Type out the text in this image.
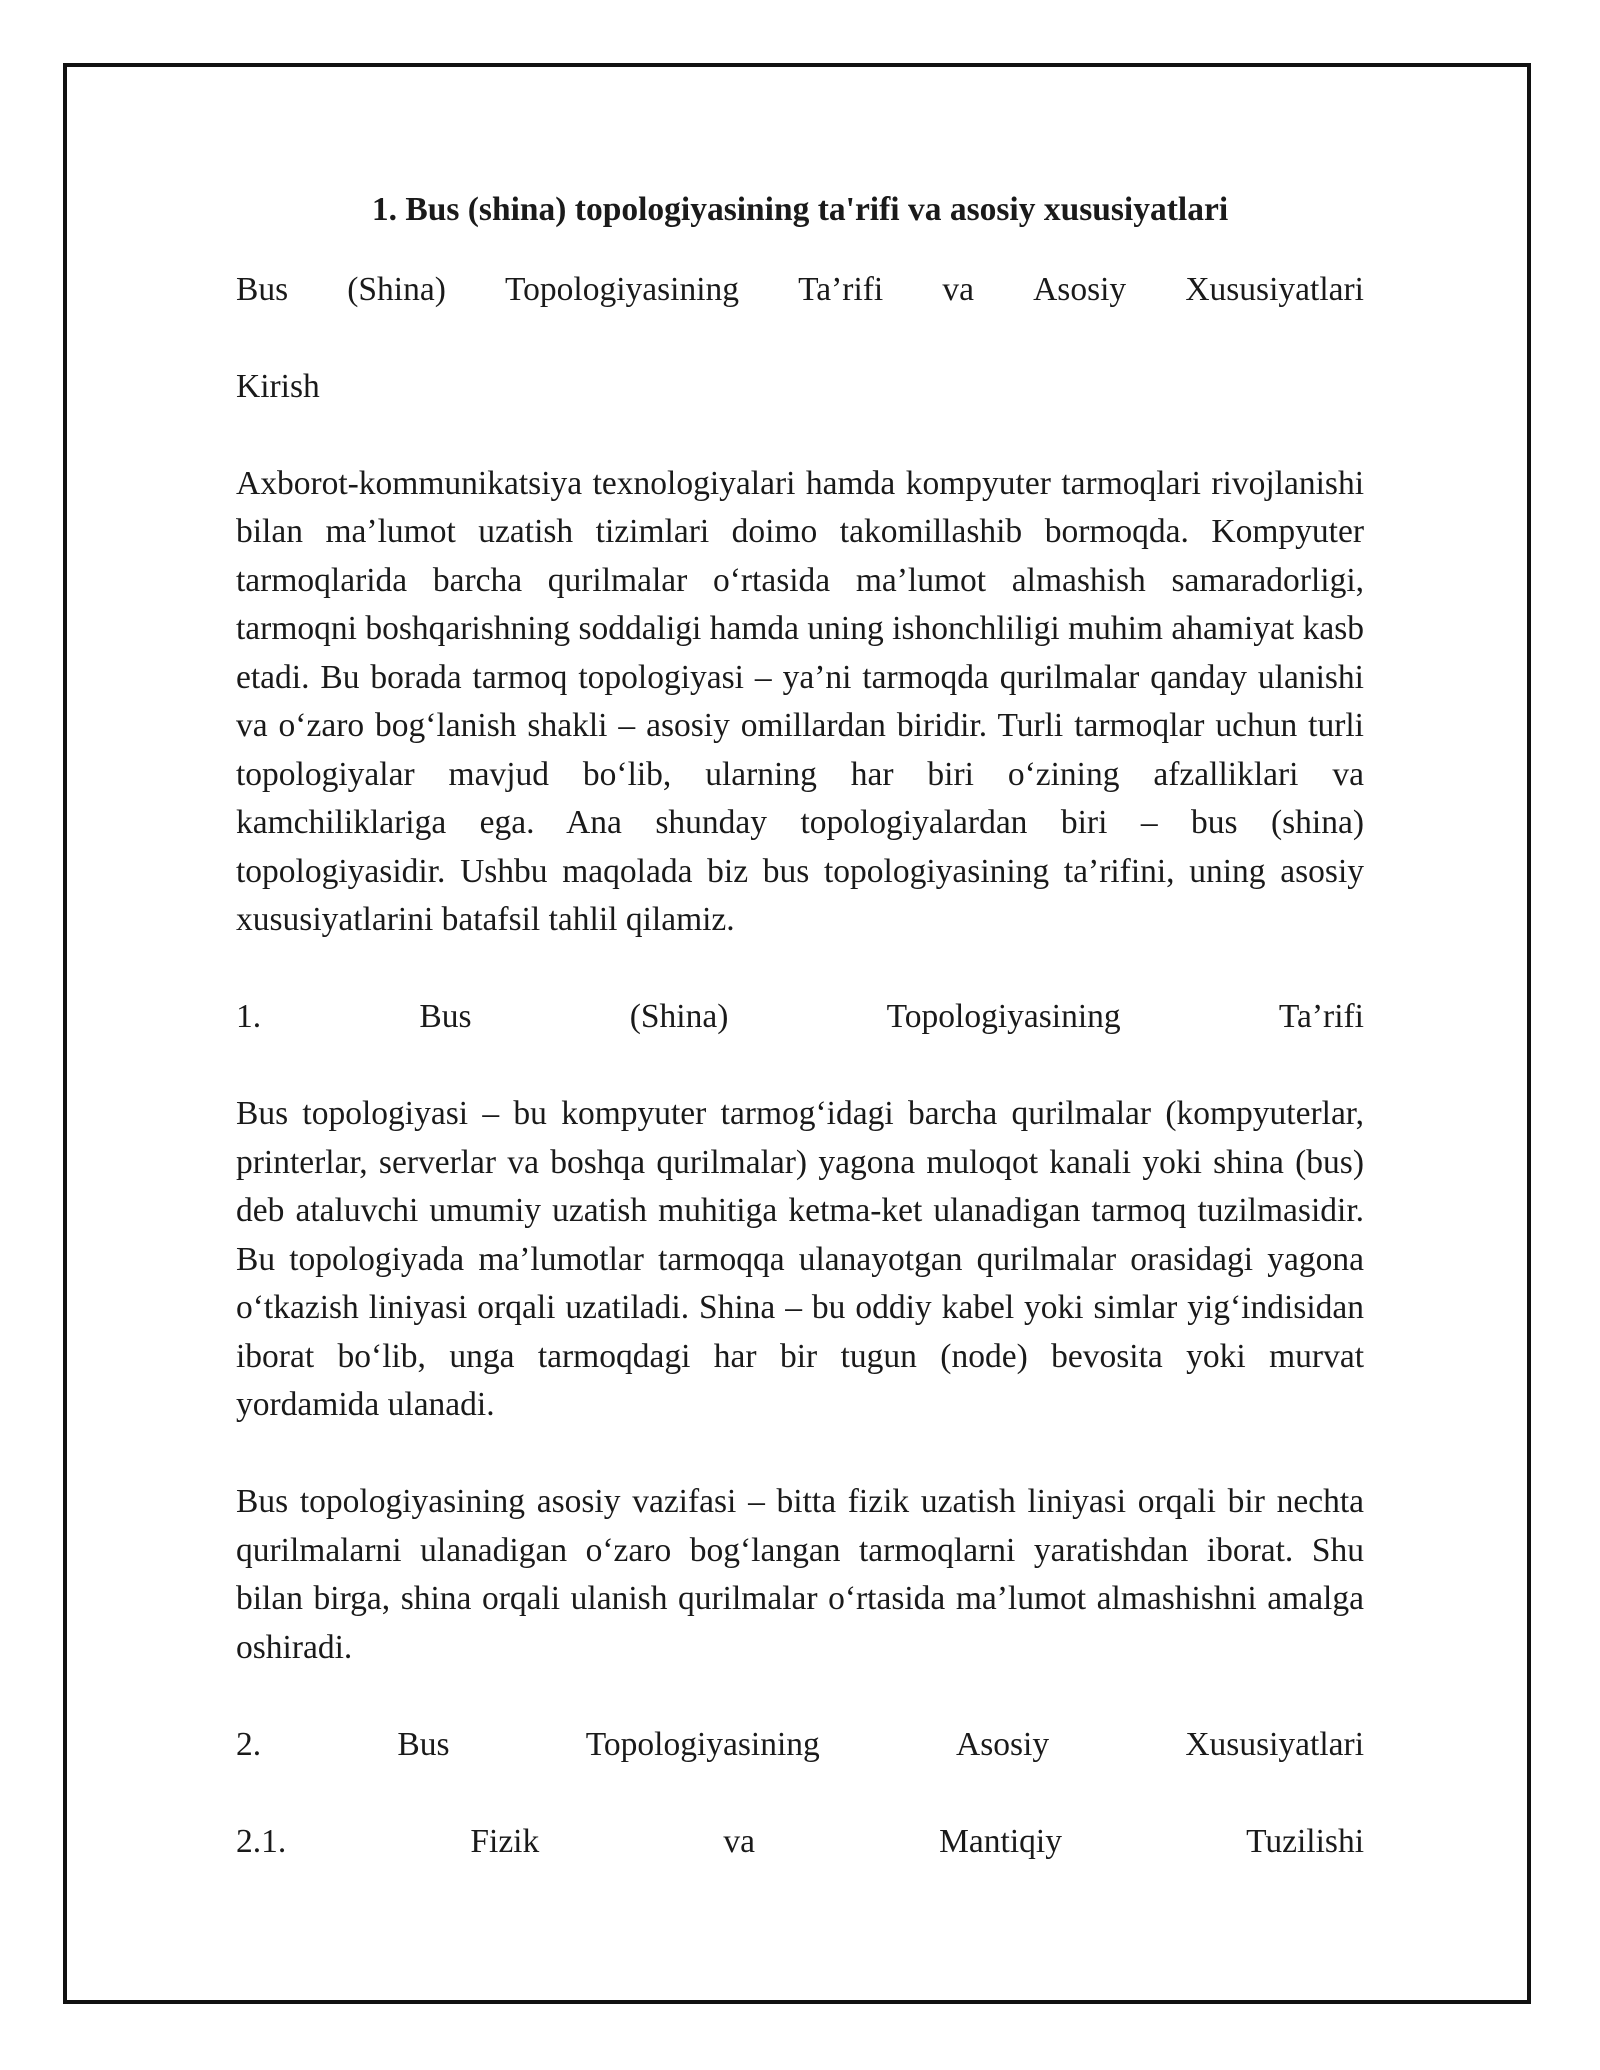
1. Bus (shina) topologiyasining ta'rifi va asosiy xususiyatlari
Bus (Shina) Topologiyasining Ta’rifi va Asosiy Xususiyatlari
Kirish

Axborot-kommunikatsiya texnologiyalari hamda kompyuter tarmoqlari rivojlanishi bilan ma’lumot uzatish tizimlari doimo takomillashib bormoqda. Kompyuter tarmoqlarida barcha qurilmalar o‘rtasida ma’lumot almashish samaradorligi, tarmoqni boshqarishning soddaligi hamda uning ishonchliligi muhim ahamiyat kasb etadi. Bu borada tarmoq topologiyasi – ya’ni tarmoqda qurilmalar qanday ulanishi va o‘zaro bog‘lanish shakli – asosiy omillardan biridir. Turli tarmoqlar uchun turli topologiyalar mavjud bo‘lib, ularning har biri o‘zining afzalliklari va kamchiliklariga ega. Ana shunday topologiyalardan biri – bus (shina) topologiyasidir. Ushbu maqolada biz bus topologiyasining ta’rifini, uning asosiy xususiyatlarini batafsil tahlil qilamiz.

1.	Bus	(Shina)	Topologiyasining	Ta’rifi

Bus topologiyasi – bu kompyuter tarmog‘idagi barcha qurilmalar (kompyuterlar, printerlar, serverlar va boshqa qurilmalar) yagona muloqot kanali yoki shina (bus) deb ataluvchi umumiy uzatish muhitiga ketma-ket ulanadigan tarmoq tuzilmasidir. Bu topologiyada ma’lumotlar tarmoqqa ulanayotgan qurilmalar orasidagi yagona o‘tkazish liniyasi orqali uzatiladi. Shina – bu oddiy kabel yoki simlar yig‘indisidan iborat bo‘lib, unga tarmoqdagi har bir tugun (node) bevosita yoki murvat yordamida ulanadi.

Bus topologiyasining asosiy vazifasi – bitta fizik uzatish liniyasi orqali bir nechta qurilmalarni ulanadigan o‘zaro bog‘langan tarmoqlarni yaratishdan iborat. Shu bilan birga, shina orqali ulanish qurilmalar o‘rtasida ma’lumot almashishni amalga oshiradi.

2.	Bus	Topologiyasining	Asosiy	Xususiyatlari
2.1.	Fizik	va	Mantiqiy	Tuzilishi
